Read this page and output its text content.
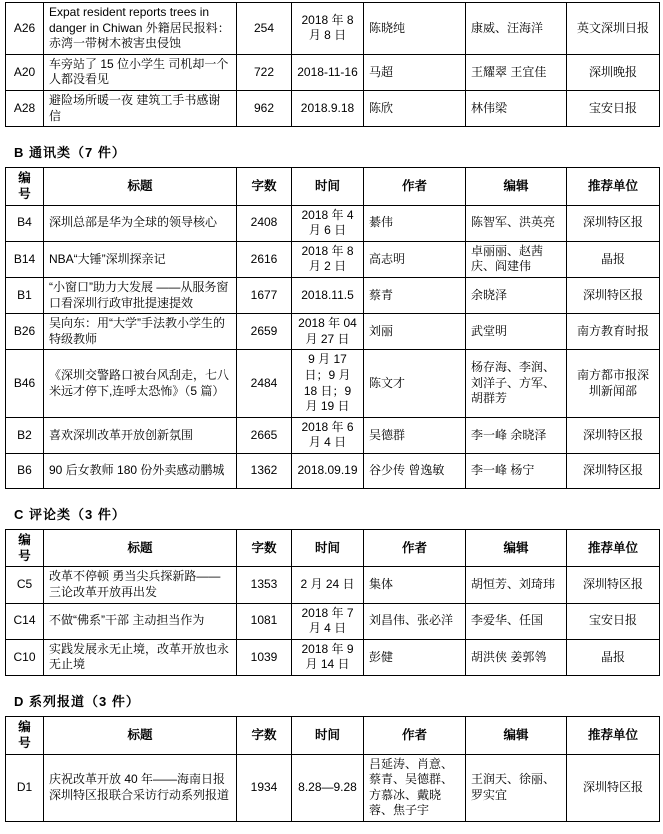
A26	Expat resident reports trees in danger in Chiwan 外籍居民报料：赤湾一带树木被害虫侵蚀	254	2018 年 8 月 8 日	陈晓纯	康威、汪海洋	英文深圳日报
A20	车旁站了 15 位小学生 司机却一个人都没看见	722	2018-11-16	马超	王耀翠 王宜佳	深圳晚报
A28	避险场所暖一夜 建筑工手书感谢信	962	2018.9.18	陈欣	林伟梁	宝安日报
B 通讯类（7 件）
编号	标题	字数	时间	作者	编辑	推荐单位
B4	深圳总部是华为全球的领导核心	2408	2018 年 4 月 6 日	綦伟	陈智军、洪英亮	深圳特区报
B14	NBA“大锤”深圳探亲记	2616	2018 年 8 月 2 日	高志明	卓丽丽、赵茜庆、阎建伟	晶报
B1	“小窗口”助力大发展 ——从服务窗口看深圳行政审批提速提效	1677	2018.11.5	蔡青	余晓泽	深圳特区报
B26	吴向东：用“大学”手法教小学生的特级教师	2659	2018 年 04 月 27 日	刘丽	武堂明	南方教育时报
B46	《深圳交警路口被台风刮走，七八米远才停下,连呼太恐怖》（5 篇）	2484	9 月 17 日；9 月 18 日；9 月 19 日	陈文才	杨存海、李润、刘洋子、方军、胡群芳	南方都市报深圳新闻部
B2	喜欢深圳改革开放创新氛围	2665	2018 年 6 月 4 日	吴德群	李一峰 余晓泽	深圳特区报
B6	90 后女教师 180 份外卖感动鹏城	1362	2018.09.19	谷少传 曾逸敏	李一峰 杨宁	深圳特区报
C 评论类（3 件）
编号	标题	字数	时间	作者	编辑	推荐单位
C5	改革不停顿 勇当尖兵探新路——三论改革开放再出发	1353	2 月 24 日	集体	胡恒芳、刘琦玮	深圳特区报
C14	不做“佛系”干部 主动担当作为	1081	2018 年 7 月 4 日	刘昌伟、张必洋	李爱华、任国	宝安日报
C10	实践发展永无止境，改革开放也永无止境	1039	2018 年 9 月 14 日	彭健	胡洪侠 姜郭鸰	晶报
D 系列报道（3 件）
编号	标题	字数	时间	作者	编辑	推荐单位
D1	庆祝改革开放 40 年——海南日报深圳特区报联合采访行动系列报道	1934	8.28—9.28	吕延涛、肖意、蔡青、吴德群、方慕冰、戴晓蓉、焦子宇	王润天、徐丽、罗实宜	深圳特区报
